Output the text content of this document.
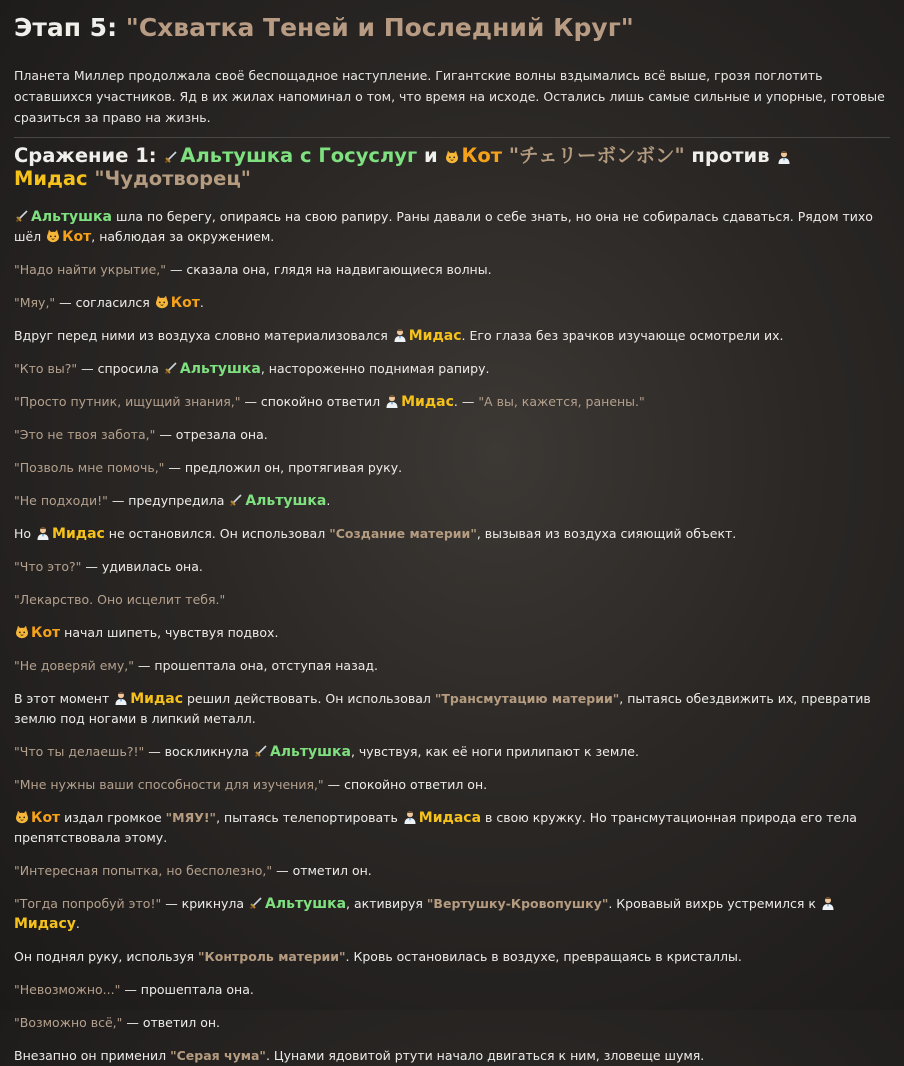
Этап 5: "Схватка Теней и Последний Круг"

Планета Миллер продолжала своё беспощадное наступление. Гигантские волны вздымались всё выше, грозя поглотить оставшихся участников. Яд в их жилах напоминал о том, что время на исходе. Остались лишь самые сильные и упорные, готовые сразиться за право на жизнь.

Сражение 1: Альтушка с Госуслуг и Кот "チェリーボンボン" против

Мидас "Чудотворец"

Альтушка шла по берегу, опираясь на свою рапиру. Раны давали о себе знать, но она не собиралась сдаваться. Рядом тихо шёл
Кот, наблюдая за окружением.

"Надо найти укрытие," — сказала она, глядя на надвигающиеся волны.

"Мяу," — согласился
Кот.

Вдруг перед ними из воздуха словно материализовался
Мидас. Его глаза без зрачков изучающе осмотрели их.

"Кто вы?" — спросила
Альтушка, настороженно поднимая рапиру.

"Просто путник, ищущий знания," — спокойно ответил
Мидас. — "А вы, кажется, ранены."

"Это не твоя забота," — отрезала она.

"Позволь мне помочь," — предложил он, протягивая руку.

"Не подходи!" — предупредила
Альтушка.

Но
Мидас не остановился. Он использовал "Создание материи", вызывая из воздуха сияющий объект.

"Что это?" — удивилась она.

"Лекарство. Оно исцелит тебя."

Кот начал шипеть, чувствуя подвох.

"Не доверяй ему," — прошептала она, отступая назад.

В этот момент
Мидас решил действовать. Он использовал "Трансмутацию материи", пытаясь обездвижить их, превратив землю под ногами в липкий металл.

"Что ты делаешь?!" — воскликнула
Альтушка, чувствуя, как её ноги прилипают к земле.

"Мне нужны ваши способности для изучения," — спокойно ответил он.

Кот издал громкое "МЯУ!", пытаясь телепортировать
Мидаса в свою кружку. Но трансмутационная природа его тела препятствовала этому.

"Интересная попытка, но бесполезно," — отметил он.

"Тогда попробуй это!" — крикнула
Альтушка, активируя "Вертушку-Кровопушку". Кровавый вихрь устремился к
Мидасу.

Он поднял руку, используя "Контроль материи". Кровь остановилась в воздухе, превращаясь в кристаллы.

"Невозможно..." — прошептала она.

"Возможно всё," — ответил он.

Внезапно он применил "Серая чума". Цунами ядовитой ртути начало двигаться к ним, зловеще шумя.
